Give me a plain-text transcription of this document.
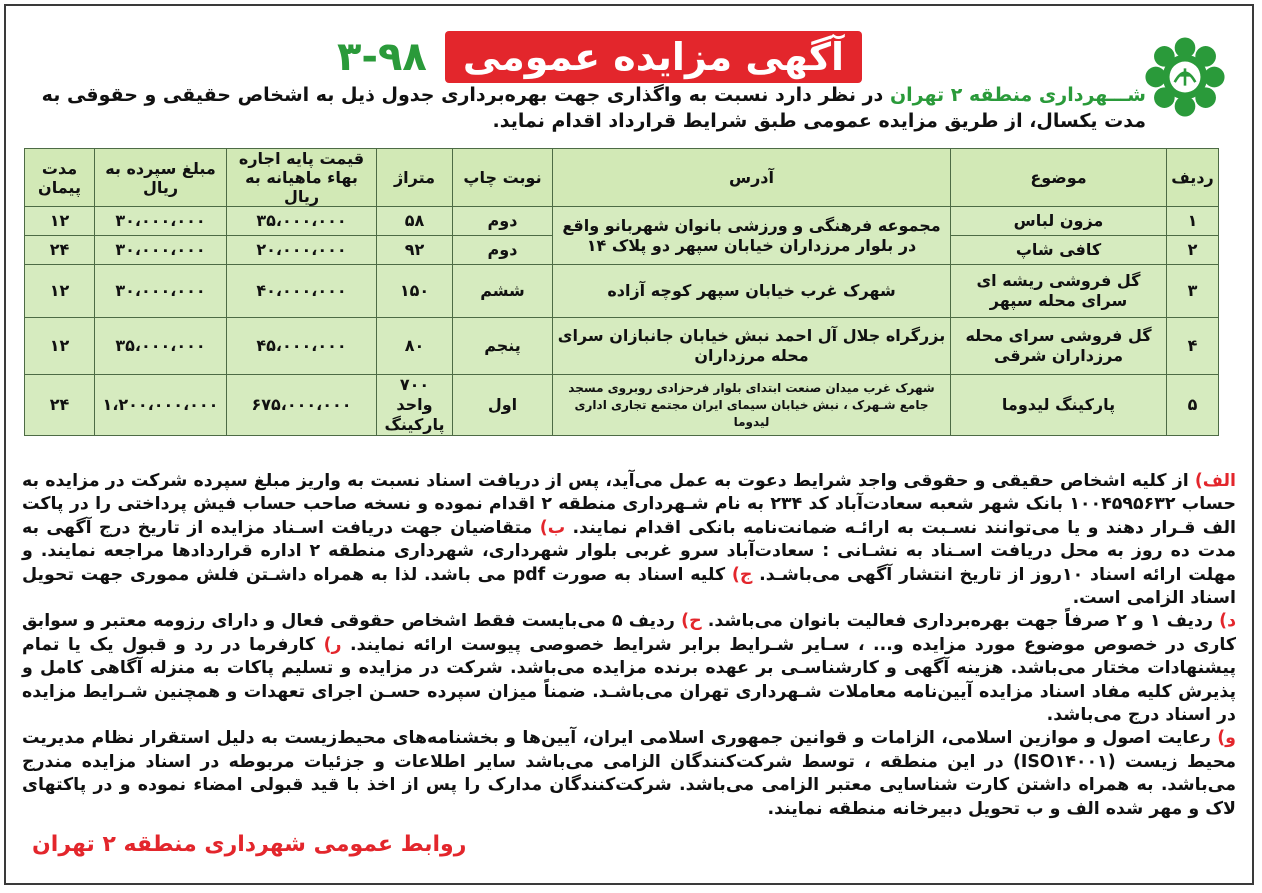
آگهی مزایده عمومی
۳-۹۸
شـــهرداری منطقه ۲ تهران در نظر دارد نسبت به واگذاری جهت بهره‌برداری جدول ذیل به اشخاص حقیقی و حقوقی به مدت یکسال، از طریق مزایده عمومی طبق شرایط قرارداد اقدام نماید.
ردیف	موضوع	آدرس	نوبت چاپ	متراژ	قیمت پایه اجاره بهاء ماهیانه به ریال	مبلغ سپرده به ریال	مدت پیمان
۱	مزون لباس	مجموعه فرهنگی و ورزشی بانوان شهربانو واقع در بلوار مرزداران خیابان سپهر دو پلاک ۱۴	دوم	۵۸	۳۵،۰۰۰،۰۰۰	۳۰،۰۰۰،۰۰۰	۱۲
۲	کافی شاپ		دوم	۹۲	۲۰،۰۰۰،۰۰۰	۳۰،۰۰۰،۰۰۰	۲۴
۳	گل فروشی ریشه ای سرای محله سپهر	شهرک غرب خیابان سپهر کوچه آزاده	ششم	۱۵۰	۴۰،۰۰۰،۰۰۰	۳۰،۰۰۰،۰۰۰	۱۲
۴	گل فروشی سرای محله مرزداران شرقی	بزرگراه جلال آل احمد نبش خیابان جانبازان سرای محله مرزداران	پنجم	۸۰	۴۵،۰۰۰،۰۰۰	۳۵،۰۰۰،۰۰۰	۱۲
۵	پارکینگ لیدوما	شهرک غرب میدان صنعت ابتدای بلوار فرحزادی روبروی مسجد جامع شـهرک ، نبش خیابان سیمای ایران مجتمع تجاری اداری لیدوما	اول	۷۰۰ واحد پارکینگ	۶۷۵،۰۰۰،۰۰۰	۱،۲۰۰،۰۰۰،۰۰۰	۲۴
الف) از کلیه اشخاص حقیقی و حقوقی واجد شرایط دعوت به عمل می‌آید، پس از دریافت اسناد نسبت به واریز مبلغ سپرده شرکت در مزایده به حساب ۱۰۰۴۵۹۵۶۳۲ بانک شهر شعبه سعادت‌آباد کد ۲۳۴ به نام شـهرداری منطقه ۲ اقدام نموده و نسخه صاحب حساب فیش پرداختی را در پاکت الف قـرار دهند و یا می‌توانند نسـبت به ارائـه ضمانت‌نامه بانکی اقدام نمایند. ب) متقاضیان جهت دریافت اسـناد مزایده از تاریخ درج آگهی به مدت ده روز به محل دریافت اسـناد به نشـانی : سعادت‌آباد سرو غربی بلوار شهرداری، شهرداری منطقه ۲ اداره قراردادها مراجعه نمایند. و مهلت ارائه اسناد ۱۰روز از تاریخ انتشار آگهی می‌باشـد. ج) کلیه اسناد به صورت pdf می باشد. لذا به همراه داشـتن فلش مموری جهت تحویل اسناد الزامی است.
د) ردیف ۱ و ۲ صرفاً جهت بهره‌برداری فعالیت بانوان می‌باشد. ح) ردیف ۵ می‌بایست فقط اشخاص حقوقی فعال و دارای رزومه معتبر و سوابق کاری در خصوص موضوع مورد مزایده و... ، سـایر شـرایط برابر شرایط خصوصی پیوست ارائه نمایند. ر) کارفرما در رد و قبول یک یا تمام پیشنهادات مختار می‌باشد. هزینه آگهی و کارشناسـی بر عهده برنده مزایده می‌باشد. شرکت در مزایده و تسلیم پاکات به منزله آگاهی کامل و پذیرش کلیه مفاد اسناد مزایده آیین‌نامه معاملات شـهرداری تهران می‌باشـد. ضمناً میزان سپرده حسـن اجرای تعهدات و همچنین شـرایط مزایده در اسناد درج می‌باشد.
و) رعایت اصول و موازین اسلامی، الزامات و قوانین جمهوری اسلامی ایران، آیین‌ها و بخشنامه‌های محیط‌زیست به دلیل استقرار نظام مدیریت محیط زیست (ISO۱۴۰۰۱) در این منطقه ، توسط شرکت‌کنندگان الزامی می‌باشد سایر اطلاعات و جزئیات مربوطه در اسناد مزایده مندرج می‌باشد. به همراه داشتن کارت شناسایی معتبر الزامی می‌باشد. شرکت‌کنندگان مدارک را پس از اخذ با قید قبولی امضاء نموده و در پاکتهای لاک و مهر شده الف و ب تحویل دبیرخانه منطقه نمایند.
روابط عمومی شهرداری منطقه ۲ تهران
